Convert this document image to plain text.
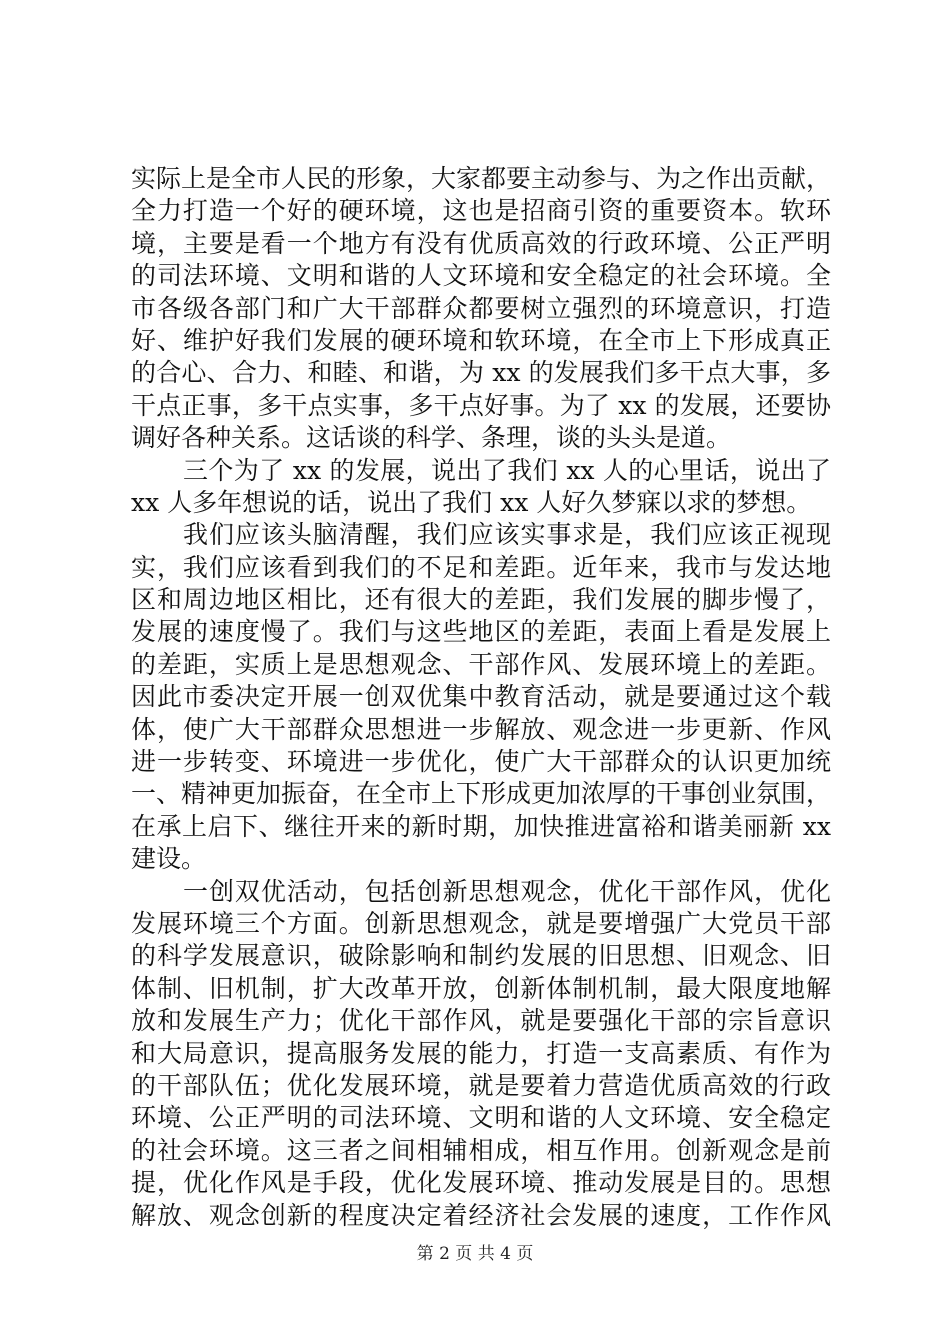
实际上是全市人民的形象，大家都要主动参与、为之作出贡献，
全力打造一个好的硬环境，这也是招商引资的重要资本。软环
境，主要是看一个地方有没有优质高效的行政环境、公正严明
的司法环境、文明和谐的人文环境和安全稳定的社会环境。全
市各级各部门和广大干部群众都要树立强烈的环境意识，打造
好、维护好我们发展的硬环境和软环境，在全市上下形成真正
的合心、合力、和睦、和谐，为 xx 的发展我们多干点大事，多
干点正事，多干点实事，多干点好事。为了 xx 的发展，还要协
调好各种关系。这话谈的科学、条理，谈的头头是道。
三个为了 xx 的发展，说出了我们 xx 人的心里话，说出了
xx 人多年想说的话，说出了我们 xx 人好久梦寐以求的梦想。
我们应该头脑清醒，我们应该实事求是，我们应该正视现
实，我们应该看到我们的不足和差距。近年来，我市与发达地
区和周边地区相比，还有很大的差距，我们发展的脚步慢了，
发展的速度慢了。我们与这些地区的差距，表面上看是发展上
的差距，实质上是思想观念、干部作风、发展环境上的差距。
因此市委决定开展一创双优集中教育活动，就是要通过这个载
体，使广大干部群众思想进一步解放、观念进一步更新、作风
进一步转变、环境进一步优化，使广大干部群众的认识更加统
一、精神更加振奋，在全市上下形成更加浓厚的干事创业氛围，
在承上启下、继往开来的新时期，加快推进富裕和谐美丽新 xx
建设。
一创双优活动，包括创新思想观念，优化干部作风，优化
发展环境三个方面。创新思想观念，就是要增强广大党员干部
的科学发展意识，破除影响和制约发展的旧思想、旧观念、旧
体制、旧机制，扩大改革开放，创新体制机制，最大限度地解
放和发展生产力；优化干部作风，就是要强化干部的宗旨意识
和大局意识，提高服务发展的能力，打造一支高素质、有作为
的干部队伍；优化发展环境，就是要着力营造优质高效的行政
环境、公正严明的司法环境、文明和谐的人文环境、安全稳定
的社会环境。这三者之间相辅相成，相互作用。创新观念是前
提，优化作风是手段，优化发展环境、推动发展是目的。思想
解放、观念创新的程度决定着经济社会发展的速度，工作作风
第 2 页 共 4 页
